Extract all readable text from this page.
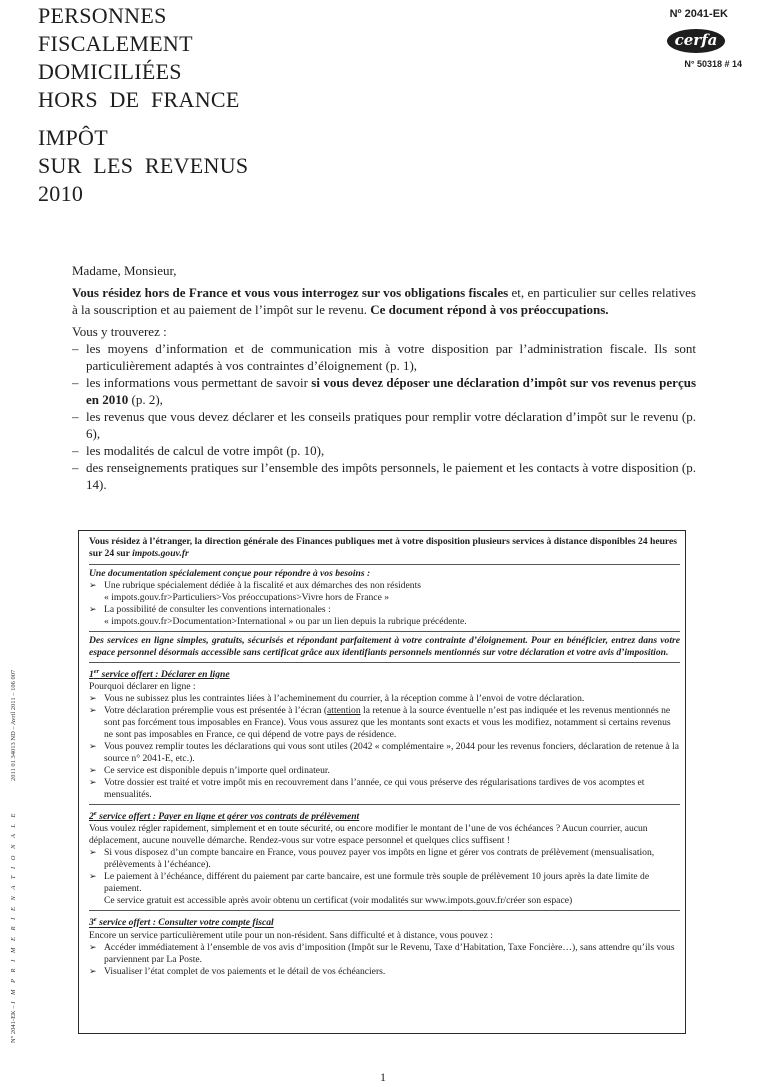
PERSONNES
FISCALEMENT
DOMICILIÉES
HORS  DE  FRANCE
IMPÔT
SUR  LES  REVENUS
2010
Nº 2041-EK
cerfa
N° 50318 # 14
N° 2041-EK – I M P R I M E R I E N A T I O N A L E2011 01 34013 ND – Avril 2011 – 106 007

Madame, Monsieur,

Vous résidez hors de France et vous vous interrogez sur vos obligations fiscales et, en particulier sur celles relatives à la souscription et au paiement de l’impôt sur le revenu. Ce document répond à vos préoccupations.

Vous y trouverez :

– les moyens d’information et de communication mis à votre disposition par l’administration fiscale. Ils sont particulièrement adaptés à vos contraintes d’éloignement (p. 1),
– les informations vous permettant de savoir si vous devez déposer une déclaration d’impôt sur vos revenus perçus en 2010 (p. 2),
– les revenus que vous devez déclarer et les conseils pratiques pour remplir votre déclaration d’impôt sur le revenu (p. 6),
– les modalités de calcul de votre impôt (p. 10),
– des renseignements pratiques sur l’ensemble des impôts personnels, le paiement et les contacts à votre disposition (p. 14).

Vous résidez à l’étranger, la direction générale des Finances publiques met à votre disposition plusieurs services à distance disponibles 24 heures sur 24 sur impots.gouv.fr

Une documentation spécialement conçue pour répondre à vos besoins :

➢ Une rubrique spécialement dédiée à la fiscalité et aux démarches des non résidents
« impots.gouv.fr>Particuliers>Vos préoccupations>Vivre hors de France »
➢ La possibilité de consulter les conventions internationales :
« impots.gouv.fr>Documentation>International » ou par un lien depuis la rubrique précédente.

Des services en ligne simples, gratuits, sécurisés et répondant parfaitement à votre contrainte d’éloignement. Pour en bénéficier, entrez dans votre espace personnel désormais accessible sans certificat grâce aux identifiants personnels mentionnés sur votre déclaration et votre avis d’imposition.

1er service offert : Déclarer en ligne

Pourquoi déclarer en ligne :

➢ Vous ne subissez plus les contraintes liées à l’acheminement du courrier, à la réception comme à l’envoi de votre déclaration.
➢ Votre déclaration préremplie vous est présentée à l’écran (attention la retenue à la source éventuelle n’est pas indiquée et les revenus mentionnés ne sont pas forcément tous imposables en France). Vous vous assurez que les montants sont exacts et vous les modifiez, notamment si certains revenus ne sont pas imposables en France, ce qui dépend de votre pays de résidence.
➢ Vous pouvez remplir toutes les déclarations qui vous sont utiles (2042 « complémentaire », 2044 pour les revenus fonciers, déclaration de retenue à la source n° 2041-E, etc.).
➢ Ce service est disponible depuis n’importe quel ordinateur.
➢ Votre dossier est traité et votre impôt mis en recouvrement dans l’année, ce qui vous préserve des régularisations tardives de vos acomptes et mensualités.

2e service offert : Payer en ligne et gérer vos contrats de prélèvement

Vous voulez régler rapidement, simplement et en toute sécurité, ou encore modifier le montant de l’une de vos échéances ? Aucun courrier, aucun déplacement, aucune nouvelle démarche. Rendez-vous sur votre espace personnel et quelques clics suffisent !

➢ Si vous disposez d’un compte bancaire en France, vous pouvez payer vos impôts en ligne et gérer vos contrats de prélèvement (mensualisation, prélèvements à l’échéance).
➢ Le paiement à l’échéance, différent du paiement par carte bancaire, est une formule très souple de prélèvement 10 jours après la date limite de paiement.

Ce service gratuit est accessible après avoir obtenu un certificat (voir modalités sur www.impots.gouv.fr/créer son espace)

3e service offert : Consulter votre compte fiscal

Encore un service particulièrement utile pour un non-résident. Sans difficulté et à distance, vous pouvez :

➢ Accéder immédiatement à l’ensemble de vos avis d’imposition (Impôt sur le Revenu, Taxe d’Habitation, Taxe Foncière…), sans attendre qu’ils vous parviennent par La Poste.
➢ Visualiser l’état complet de vos paiements et le détail de vos échéanciers.
1
